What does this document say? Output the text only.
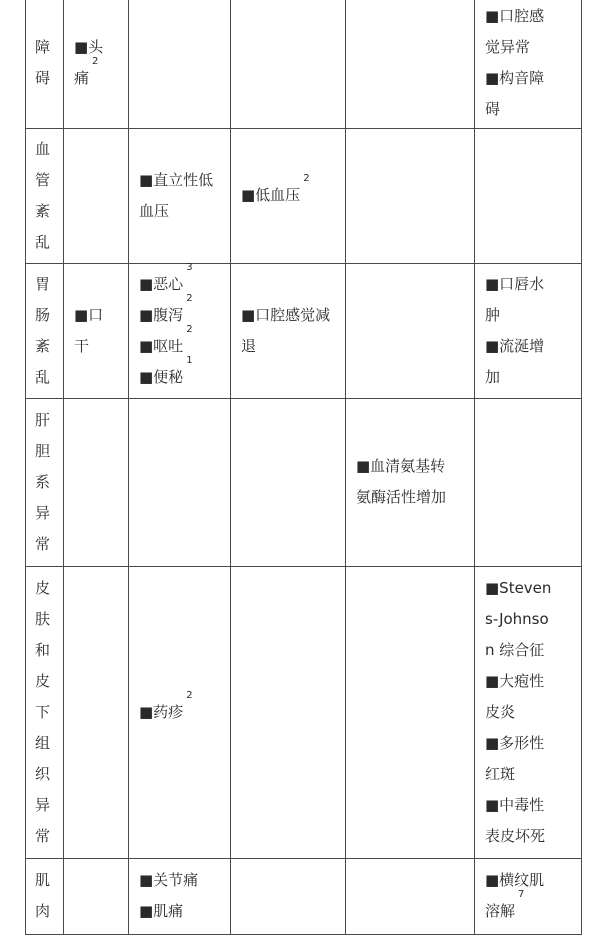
障碍	■头痛$^2$				■口腔感觉异常
■构音障碍

血管紊乱		■直立性低血压	■低血压$^2$

胃肠紊乱	■口干	■恶心$^3$
■腹泻$^2$
■呕吐$^2$
■便秘$^1$	■口腔感觉减退		■口唇水肿
■流涎增加

肝胆系异常				■血清氨基转氨酶活性增加	

皮肤和皮下组织异常		■药疹$^2$			■Stevens-Johnson 综合征
■大疱性皮炎
■多形性红斑
■中毒性表皮坏死

肌肉		■关节痛
■肌痛			■横纹肌溶解$^7$
